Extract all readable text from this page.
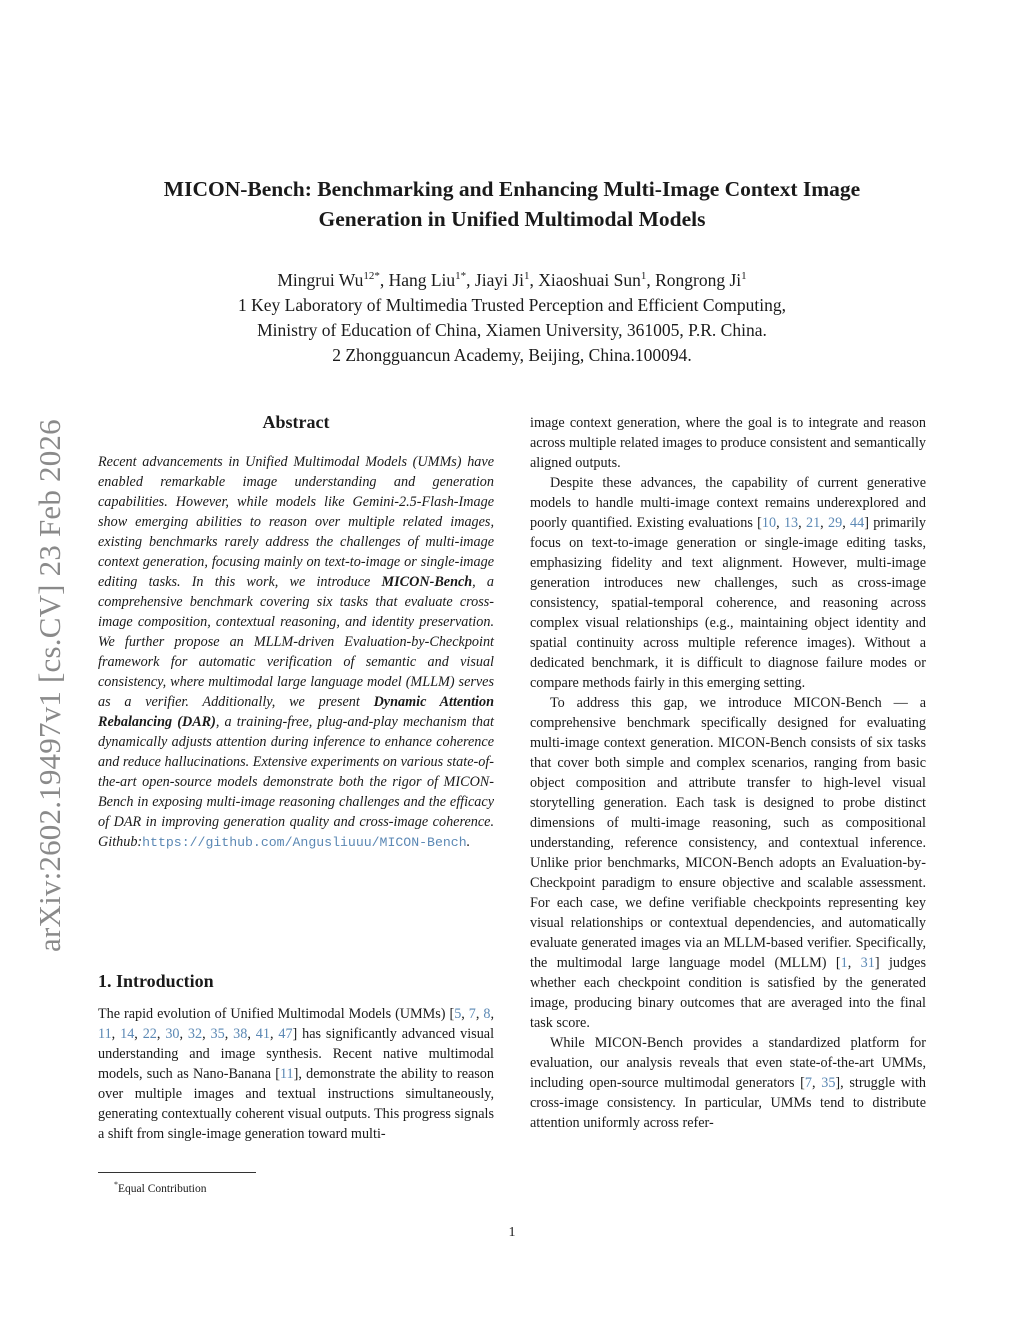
MICON-Bench: Benchmarking and Enhancing Multi-Image Context Image
Generation in Unified Multimodal Models
Mingrui $Wu^{12*}$, Hang Liu$^{1*}$, Jiayi Ji$^1$, Xiaoshuai Sun$^1$, Rongrong Ji$^1$
1 Key Laboratory of Multimedia Trusted Perception and Efficient Computing,
Ministry of Education of China, Xiamen University, 361005, P.R. China.
2 Zhongguancun Academy, Beijing, China.100094.
arXiv:2602.19497v1 [cs.CV] 23 Feb 2026	Abstract
Recent advancements in Unified Multimodal Models (UMMs) have enabled remarkable image understanding and generation capabilities. However, while models like Gemini-2.5-Flash-Image show emerging abilities to reason over multiple related images, existing benchmarks rarely address the challenges of multi-image context generation, focusing mainly on text-to-image or single-image editing tasks. In this work, we introduce MICON-Bench, a comprehensive benchmark covering six tasks that evaluate cross-image composition, contextual reasoning, and identity preservation. We further propose an MLLM-driven Evaluation-by-Checkpoint framework for automatic verification of semantic and visual consistency, where multimodal large language model (MLLM) serves as a verifier. Additionally, we present Dynamic Attention Rebalancing (DAR), a training-free, plug-and-play mechanism that dynamically adjusts attention during inference to enhance coherence and reduce hallucinations. Extensive experiments on various state-of-the-art open-source models demonstrate both the rigor of MICON-Bench in exposing multi-image reasoning challenges and the efficacy of DAR in improving generation quality and cross-image coherence. Github:https://github.com/Angusliuuu/MICON-Bench.
1. Introduction
The rapid evolution of Unified Multimodal Models (UMMs) [5, 7, 8, 11, 14, 22, 30, 32, 35, 38, 41, 47] has significantly advanced visual understanding and image synthesis. Recent native multimodal models, such as Nano-Banana [11], demonstrate the ability to reason over multiple images and textual instructions simultaneously, generating contextually coherent visual outputs. This progress signals a shift from single-image generation toward multi-
*Equal Contribution

image context generation, where the goal is to integrate and reason across multiple related images to produce consistent and semantically aligned outputs.

Despite these advances, the capability of current generative models to handle multi-image context remains underexplored and poorly quantified. Existing evaluations [10, 13, 21, 29, 44] primarily focus on text-to-image generation or single-image editing tasks, emphasizing fidelity and text alignment. However, multi-image generation introduces new challenges, such as cross-image consistency, spatial-temporal coherence, and reasoning across complex visual relationships (e.g., maintaining object identity and spatial continuity across multiple reference images). Without a dedicated benchmark, it is difficult to diagnose failure modes or compare methods fairly in this emerging setting.

To address this gap, we introduce MICON-Bench — a comprehensive benchmark specifically designed for evaluating multi-image context generation. MICON-Bench consists of six tasks that cover both simple and complex scenarios, ranging from basic object composition and attribute transfer to high-level visual storytelling generation. Each task is designed to probe distinct dimensions of multi-image reasoning, such as compositional understanding, reference consistency, and contextual inference. Unlike prior benchmarks, MICON-Bench adopts an Evaluation-by-Checkpoint paradigm to ensure objective and scalable assessment. For each case, we define verifiable checkpoints representing key visual relationships or contextual dependencies, and automatically evaluate generated images via an MLLM-based verifier. Specifically, the multimodal large language model (MLLM) [1, 31] judges whether each checkpoint condition is satisfied by the generated image, producing binary outcomes that are averaged into the final task score.

While MICON-Bench provides a standardized platform for evaluation, our analysis reveals that even state-of-the-art UMMs, including open-source multimodal generators [7, 35], struggle with cross-image consistency. In particular, UMMs tend to distribute attention uniformly across refer-

1
